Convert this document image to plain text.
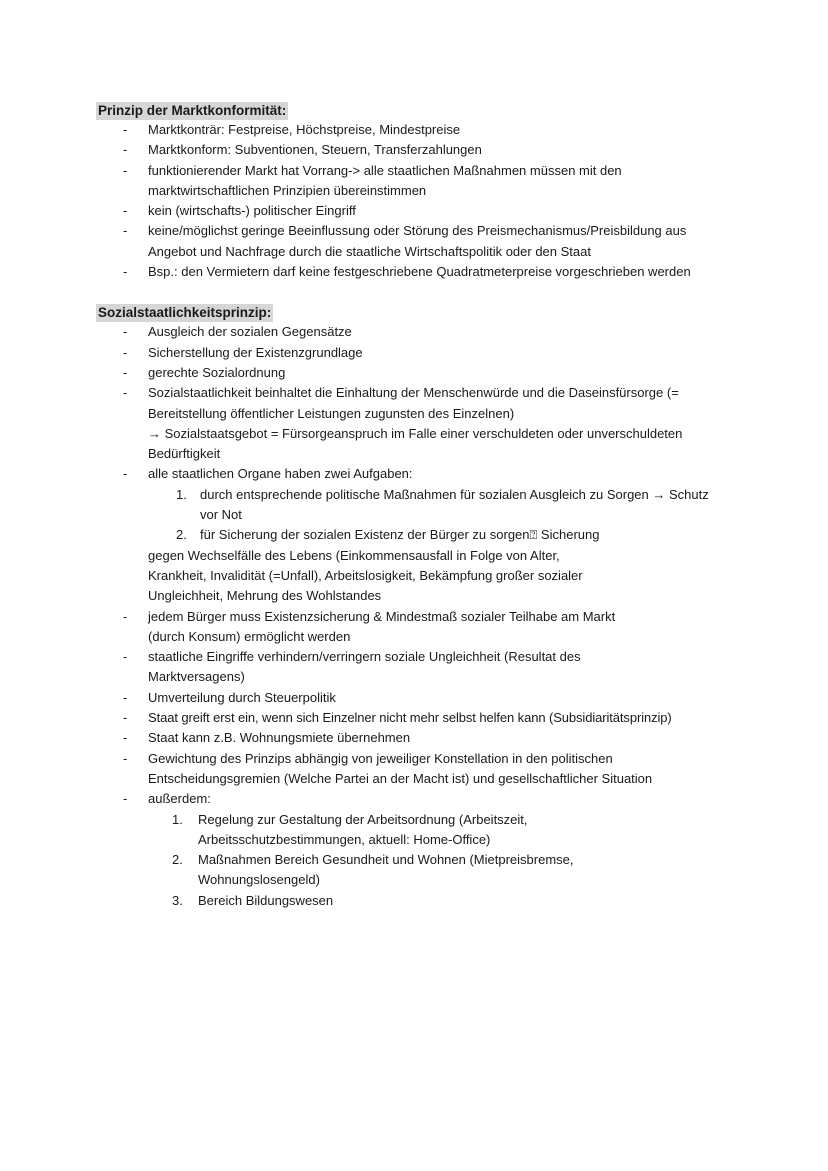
Prinzip der Marktkonformität:
- Marktkonträr: Festpreise, Höchstpreise, Mindestpreise
- Marktkonform: Subventionen, Steuern, Transferzahlungen
- funktionierender Markt hat Vorrang-> alle staatlichen Maßnahmen müssen mit den marktwirtschaftlichen Prinzipien übereinstimmen
- kein (wirtschafts-) politischer Eingriff
- keine/möglichst geringe Beeinflussung oder Störung des Preismechanismus/Preisbildung aus Angebot und Nachfrage durch die staatliche Wirtschaftspolitik oder den Staat
- Bsp.: den Vermietern darf keine festgeschriebene Quadratmeterpreise vorgeschrieben werden
Sozialstaatlichkeitsprinzip:
- Ausgleich der sozialen Gegensätze
- Sicherstellung der Existenzgrundlage
- gerechte Sozialordnung
- Sozialstaatlichkeit beinhaltet die Einhaltung der Menschenwürde und die Daseinsfürsorge (= Bereitstellung öffentlicher Leistungen zugunsten des Einzelnen)
→ Sozialstaatsgebot = Fürsorgeanspruch im Falle einer verschuldeten oder unverschuldeten Bedürftigkeit
- alle staatlichen Organe haben zwei Aufgaben:
1. durch entsprechende politische Maßnahmen für sozialen Ausgleich zu Sorgen → Schutz vor Not
2. für Sicherung der sozialen Existenz der Bürger zu sorgen⍰ Sicherung
gegen Wechselfälle des Lebens (Einkommensausfall in Folge von Alter, Krankheit, Invalidität (=Unfall), Arbeitslosigkeit, Bekämpfung großer sozialer Ungleichheit, Mehrung des Wohlstandes
- jedem Bürger muss Existenzsicherung & Mindestmaß sozialer Teilhabe am Markt (durch Konsum) ermöglicht werden
- staatliche Eingriffe verhindern/verringern soziale Ungleichheit (Resultat des Marktversagens)
- Umverteilung durch Steuerpolitik
- Staat greift erst ein, wenn sich Einzelner nicht mehr selbst helfen kann (Subsidiaritätsprinzip)
- Staat kann z.B. Wohnungsmiete übernehmen
- Gewichtung des Prinzips abhängig von jeweiliger Konstellation in den politischen Entscheidungsgremien (Welche Partei an der Macht ist) und gesellschaftlicher Situation
- außerdem:
1. Regelung zur Gestaltung der Arbeitsordnung (Arbeitszeit, Arbeitsschutzbestimmungen, aktuell: Home-Office)
2. Maßnahmen Bereich Gesundheit und Wohnen (Mietpreisbremse, Wohnungslosengeld)
3. Bereich Bildungswesen
